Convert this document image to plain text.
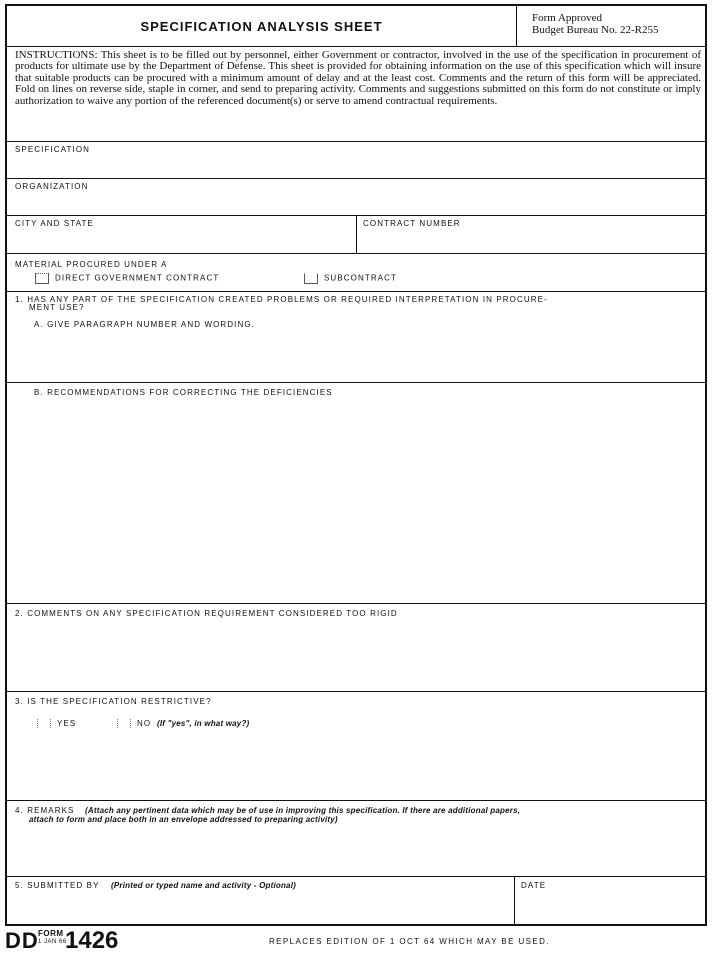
SPECIFICATION ANALYSIS SHEET
Form Approved
Budget Bureau No. 22-R255
INSTRUCTIONS: This sheet is to be filled out by personnel, either Government or contractor, involved in the use of the specification in procurement of products for ultimate use by the Department of Defense. This sheet is provided for obtaining information on the use of this specification which will insure that suitable products can be procured with a minimum amount of delay and at the least cost. Comments and the return of this form will be appreciated. Fold on lines on reverse side, staple in corner, and send to preparing activity. Comments and suggestions submitted on this form do not constitute or imply authorization to waive any portion of the referenced document(s) or serve to amend contractual requirements.
SPECIFICATION
ORGANIZATION
CITY AND STATE	CONTRACT NUMBER
MATERIAL PROCURED UNDER A
DIRECT GOVERNMENT CONTRACT	SUBCONTRACT
1. HAS ANY PART OF THE SPECIFICATION CREATED PROBLEMS OR REQUIRED INTERPRETATION IN PROCURE-
MENT USE?
A. GIVE PARAGRAPH NUMBER AND WORDING.
B. RECOMMENDATIONS FOR CORRECTING THE DEFICIENCIES
2. COMMENTS ON ANY SPECIFICATION REQUIREMENT CONSIDERED TOO RIGID
3. IS THE SPECIFICATION RESTRICTIVE?
YES	NO (If "yes", in what way?)
4. REMARKS (Attach any pertinent data which may be of use in improving this specification. If there are additional papers,
attach to form and place both in an envelope addressed to preparing activity)
5. SUBMITTED BY (Printed or typed name and activity - Optional)	DATE
DD FORM
1 JAN 66
1426	REPLACES EDITION OF 1 OCT 64 WHICH MAY BE USED.
